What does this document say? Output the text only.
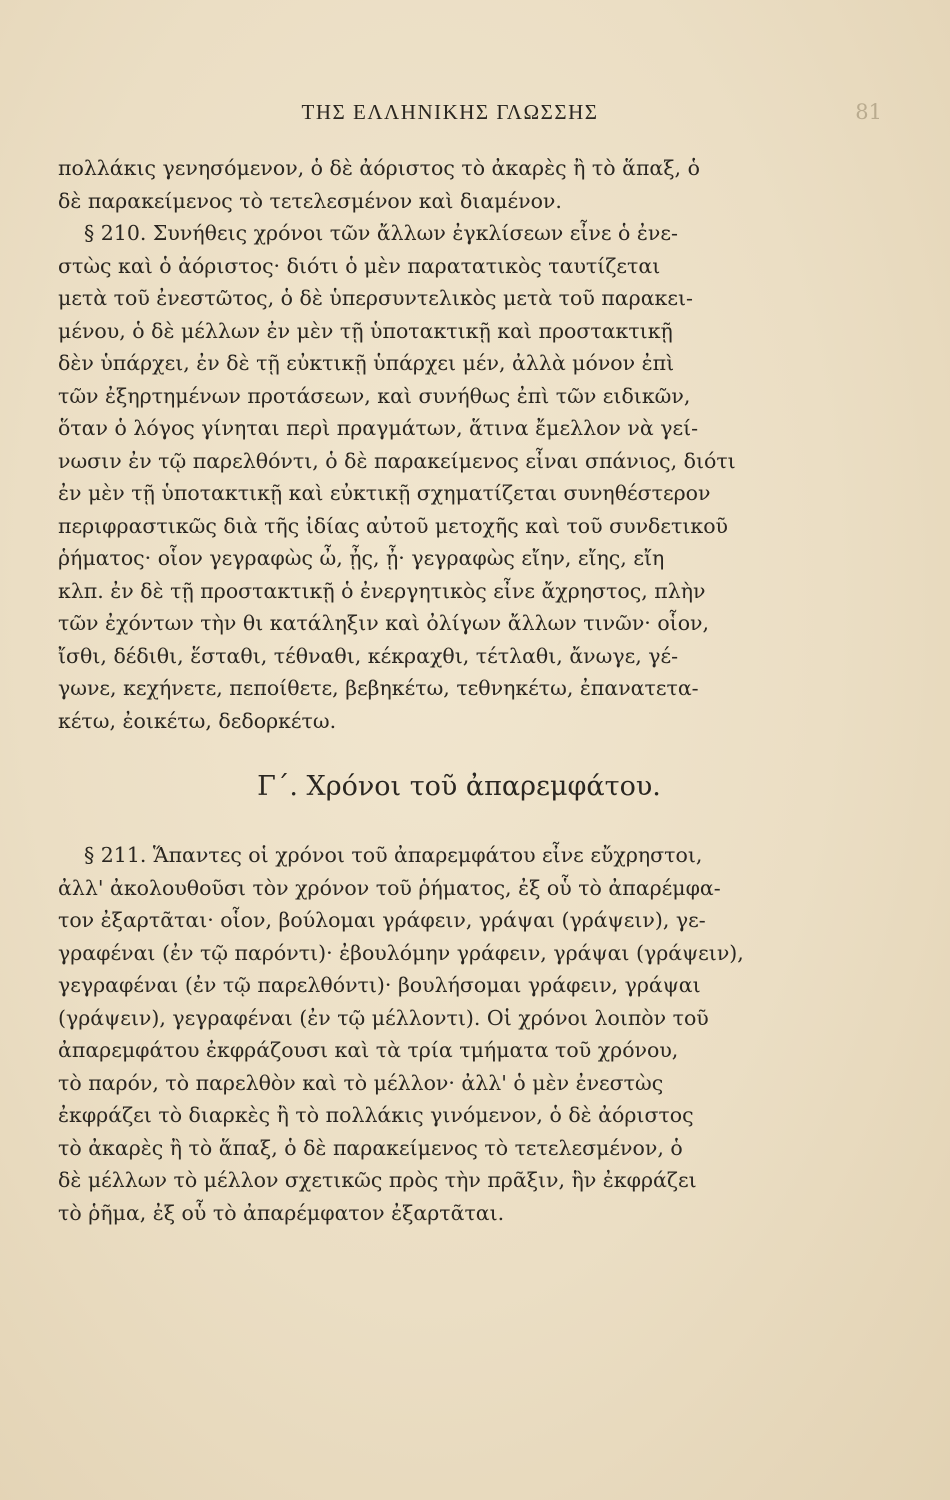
ΤΗΣ ΕΛΛΗΝΙΚΗΣ ΓΛΩΣΣΗΣ	81
πολλάκις γενησόμενον, ὁ δὲ ἀόριστος τὸ ἀκαρὲς ἢ τὸ ἅπαξ, ὁ
δὲ παρακείμενος τὸ τετελεσμένον καὶ διαμένον.
§ 210. Συνήθεις χρόνοι τῶν ἄλλων ἐγκλίσεων εἶνε ὁ ἐνε-
στὼς καὶ ὁ ἀόριστος· διότι ὁ μὲν παρατατικὸς ταυτίζεται
μετὰ τοῦ ἐνεστῶτος, ὁ δὲ ὑπερσυντελικὸς μετὰ τοῦ παρακει-
μένου, ὁ δὲ μέλλων ἐν μὲν τῇ ὑποτακτικῇ καὶ προστακτικῇ
δὲν ὑπάρχει, ἐν δὲ τῇ εὐκτικῇ ὑπάρχει μέν, ἀλλὰ μόνον ἐπὶ
τῶν ἐξηρτημένων προτάσεων, καὶ συνήθως ἐπὶ τῶν ειδικῶν,
ὅταν ὁ λόγος γίνηται περὶ πραγμάτων, ἅτινα ἔμελλον νὰ γεί-
νωσιν ἐν τῷ παρελθόντι, ὁ δὲ παρακείμενος εἶναι σπάνιος, διότι
ἐν μὲν τῇ ὑποτακτικῇ καὶ εὐκτικῇ σχηματίζεται συνηθέστερον
περιφραστικῶς διὰ τῆς ἰδίας αὐτοῦ μετοχῆς καὶ τοῦ συνδετικοῦ
ῥήματος· οἷον γεγραφὼς ὦ, ᾖς, ᾖ· γεγραφὼς εἴην, εἴης, εἴη
κλπ. ἐν δὲ τῇ προστακτικῇ ὁ ἐνεργητικὸς εἶνε ἄχρηστος, πλὴν
τῶν ἐχόντων τὴν θι κατάληξιν καὶ ὀλίγων ἄλλων τινῶν· οἷον,
ἴσθι, δέδιθι, ἕσταθι, τέθναθι, κέκραχθι, τέτλαθι, ἄνωγε, γέ-
γωνε, κεχήνετε, πεποίθετε, βεβηκέτω, τεθνηκέτω, ἐπανατετα-
κέτω, ἐοικέτω, δεδορκέτω.
Γ΄. Χρόνοι τοῦ ἀπαρεμφάτου.
§ 211. Ἅπαντες οἱ χρόνοι τοῦ ἀπαρεμφάτου εἶνε εὔχρηστοι,
ἀλλ' ἀκολουθοῦσι τὸν χρόνον τοῦ ῥήματος, ἐξ οὗ τὸ ἀπαρέμφα-
τον ἐξαρτᾶται· οἷον, βούλομαι γράφειν, γράψαι (γράψειν), γε-
γραφέναι (ἐν τῷ παρόντι)· ἐβουλόμην γράφειν, γράψαι (γράψειν),
γεγραφέναι (ἐν τῷ παρελθόντι)· βουλήσομαι γράφειν, γράψαι
(γράψειν), γεγραφέναι (ἐν τῷ μέλλοντι). Οἱ χρόνοι λοιπὸν τοῦ
ἀπαρεμφάτου ἐκφράζουσι καὶ τὰ τρία τμήματα τοῦ χρόνου,
τὸ παρόν, τὸ παρελθὸν καὶ τὸ μέλλον· ἀλλ' ὁ μὲν ἐνεστὼς
ἐκφράζει τὸ διαρκὲς ἢ τὸ πολλάκις γινόμενον, ὁ δὲ ἀόριστος
τὸ ἀκαρὲς ἢ τὸ ἅπαξ, ὁ δὲ παρακείμενος τὸ τετελεσμένον, ὁ
δὲ μέλλων τὸ μέλλον σχετικῶς πρὸς τὴν πρᾶξιν, ἣν ἐκφράζει
τὸ ῥῆμα, ἐξ οὗ τὸ ἀπαρέμφατον ἐξαρτᾶται.
